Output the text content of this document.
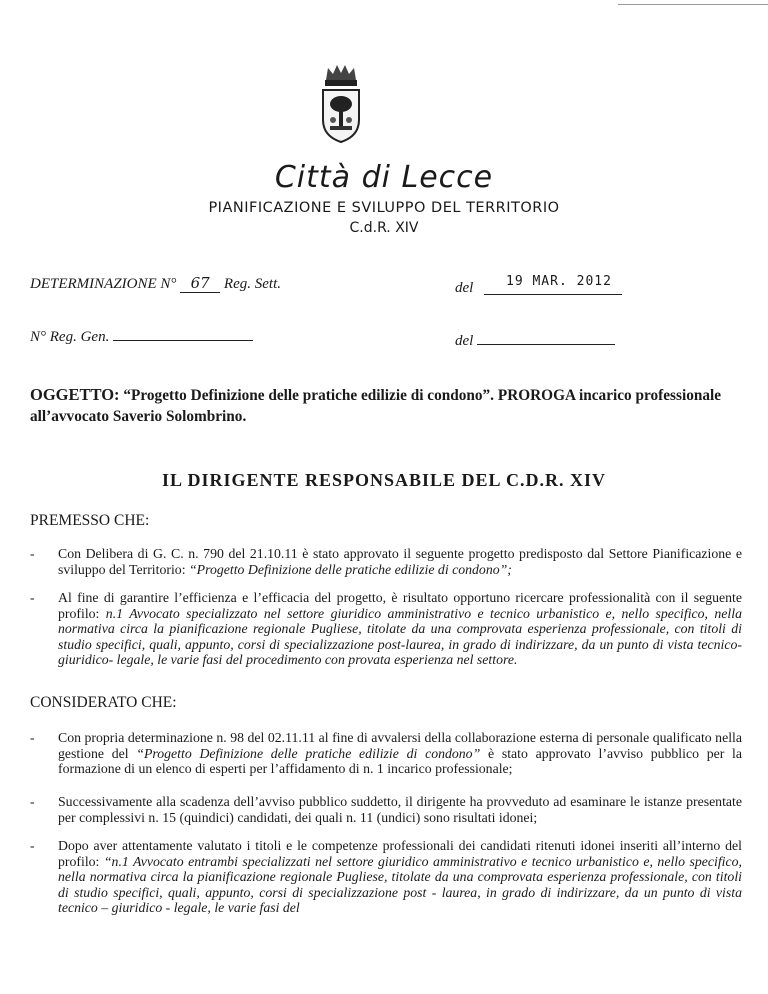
Città di Lecce
PIANIFICAZIONE E SVILUPPO DEL TERRITORIO
C.d.R. XIV
DETERMINAZIONE N° 67 Reg. Sett.	del	19 MAR. 2012
N° Reg. Gen.	del
OGGETTO: “Progetto Definizione delle pratiche edilizie di condono”. PROROGA incarico professionale all’avvocato Saverio Solombrino.
IL DIRIGENTE RESPONSABILE DEL C.D.R. XIV
PREMESSO CHE:
- Con Delibera di G. C. n. 790 del 21.10.11 è stato approvato il seguente progetto predisposto dal Settore Pianificazione e sviluppo del Territorio: “Progetto Definizione delle pratiche edilizie di condono”;
- Al fine di garantire l’efficienza e l’efficacia del progetto, è risultato opportuno ricercare professionalità con il seguente profilo: n.1 Avvocato specializzato nel settore giuridico amministrativo e tecnico urbanistico e, nello specifico, nella normativa circa la pianificazione regionale Pugliese, titolate da una comprovata esperienza professionale, con titoli di studio specifici, quali, appunto, corsi di specializzazione post-laurea, in grado di indirizzare, da un punto di vista tecnico-giuridico- legale, le varie fasi del procedimento con provata esperienza nel settore.
CONSIDERATO CHE:
- Con propria determinazione n. 98 del 02.11.11 al fine di avvalersi della collaborazione esterna di personale qualificato nella gestione del “Progetto Definizione delle pratiche edilizie di condono” è stato approvato l’avviso pubblico per la formazione di un elenco di esperti per l’affidamento di n. 1 incarico professionale;
- Successivamente alla scadenza dell’avviso pubblico suddetto, il dirigente ha provveduto ad esaminare le istanze presentate per complessivi n. 15 (quindici) candidati, dei quali n. 11 (undici) sono risultati idonei;
- Dopo aver attentamente valutato i titoli e le competenze professionali dei candidati ritenuti idonei inseriti all’interno del profilo: “n.1 Avvocato entrambi specializzati nel settore giuridico amministrativo e tecnico urbanistico e, nello specifico, nella normativa circa la pianificazione regionale Pugliese, titolate da una comprovata esperienza professionale, con titoli di studio specifici, quali, appunto, corsi di specializzazione post - laurea, in grado di indirizzare, da un punto di vista tecnico – giuridico - legale, le varie fasi del
